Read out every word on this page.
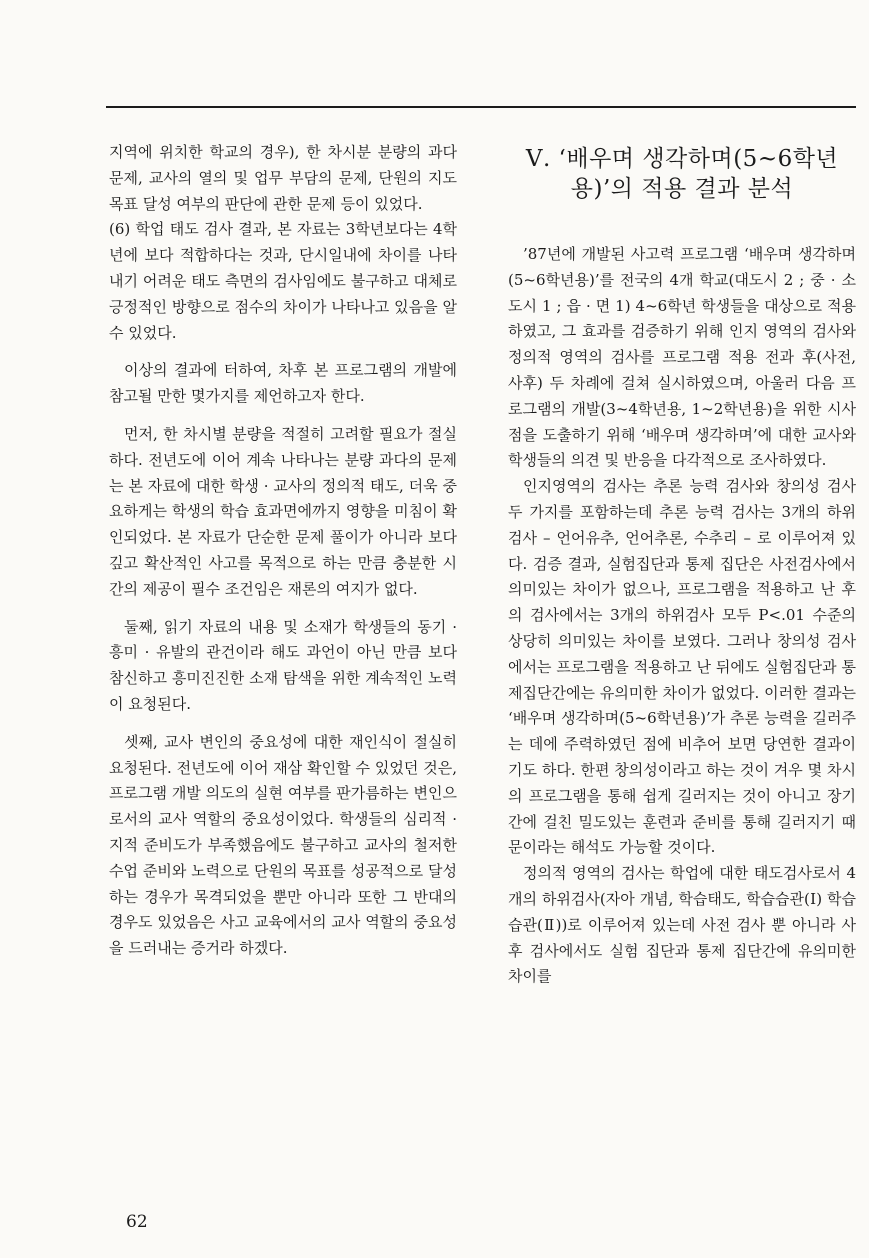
지역에 위치한 학교의 경우), 한 차시분 분량의 과다 문제, 교사의 열의 및 업무 부담의 문제, 단원의 지도 목표 달성 여부의 판단에 관한 문제 등이 있었다.

(6) 학업 태도 검사 결과, 본 자료는 3학년보다는 4학년에 보다 적합하다는 것과, 단시일내에 차이를 나타내기 어려운 태도 측면의 검사임에도 불구하고 대체로 긍정적인 방향으로 점수의 차이가 나타나고 있음을 알 수 있었다.

이상의 결과에 터하여, 차후 본 프로그램의 개발에 참고될 만한 몇가지를 제언하고자 한다.

먼저, 한 차시별 분량을 적절히 고려할 필요가 절실하다. 전년도에 이어 계속 나타나는 분량 과다의 문제는 본 자료에 대한 학생 · 교사의 정의적 태도, 더욱 중요하게는 학생의 학습 효과면에까지 영향을 미침이 확인되었다. 본 자료가 단순한 문제 풀이가 아니라 보다 깊고 확산적인 사고를 목적으로 하는 만큼 충분한 시간의 제공이 필수 조건임은 재론의 여지가 없다.

둘째, 읽기 자료의 내용 및 소재가 학생들의 동기 · 흥미 · 유발의 관건이라 해도 과언이 아닌 만큼 보다 참신하고 흥미진진한 소재 탐색을 위한 계속적인 노력이 요청된다.

셋째, 교사 변인의 중요성에 대한 재인식이 절실히 요청된다. 전년도에 이어 재삼 확인할 수 있었던 것은, 프로그램 개발 의도의 실현 여부를 판가름하는 변인으로서의 교사 역할의 중요성이었다. 학생들의 심리적 · 지적 준비도가 부족했음에도 불구하고 교사의 철저한 수업 준비와 노력으로 단원의 목표를 성공적으로 달성하는 경우가 목격되었을 뿐만 아니라 또한 그 반대의 경우도 있었음은 사고 교육에서의 교사 역할의 중요성을 드러내는 증거라 하겠다.

Ⅴ. ‘배우며 생각하며(5~6학년
용)’의 적용 결과 분석

’87년에 개발된 사고력 프로그램 ‘배우며 생각하며(5~6학년용)’를 전국의 4개 학교(대도시 2 ; 중 · 소도시 1 ; 읍 · 면 1) 4~6학년 학생들을 대상으로 적용하였고, 그 효과를 검증하기 위해 인지 영역의 검사와 정의적 영역의 검사를 프로그램 적용 전과 후(사전, 사후) 두 차례에 걸쳐 실시하였으며, 아울러 다음 프로그램의 개발(3~4학년용, 1~2학년용)을 위한 시사점을 도출하기 위해 ‘배우며 생각하며’에 대한 교사와 학생들의 의견 및 반응을 다각적으로 조사하였다.

인지영역의 검사는 추론 능력 검사와 창의성 검사 두 가지를 포함하는데 추론 능력 검사는 3개의 하위 검사 – 언어유추, 언어추론, 수추리 – 로 이루어져 있다. 검증 결과, 실험집단과 통제 집단은 사전검사에서 의미있는 차이가 없으나, 프로그램을 적용하고 난 후의 검사에서는 3개의 하위검사 모두 P<.01 수준의 상당히 의미있는 차이를 보였다. 그러나 창의성 검사에서는 프로그램을 적용하고 난 뒤에도 실험집단과 통제집단간에는 유의미한 차이가 없었다. 이러한 결과는 ‘배우며 생각하며(5~6학년용)’가 추론 능력을 길러주는 데에 주력하였던 점에 비추어 보면 당연한 결과이기도 하다. 한편 창의성이라고 하는 것이 겨우 몇 차시의 프로그램을 통해 쉽게 길러지는 것이 아니고 장기간에 걸친 밀도있는 훈련과 준비를 통해 길러지기 때문이라는 해석도 가능할 것이다.

정의적 영역의 검사는 학업에 대한 태도검사로서 4개의 하위검사(자아 개념, 학습태도, 학습습관(Ⅰ) 학습습관(Ⅱ))로 이루어져 있는데 사전 검사 뿐 아니라 사후 검사에서도 실험 집단과 통제 집단간에 유의미한 차이를

62
